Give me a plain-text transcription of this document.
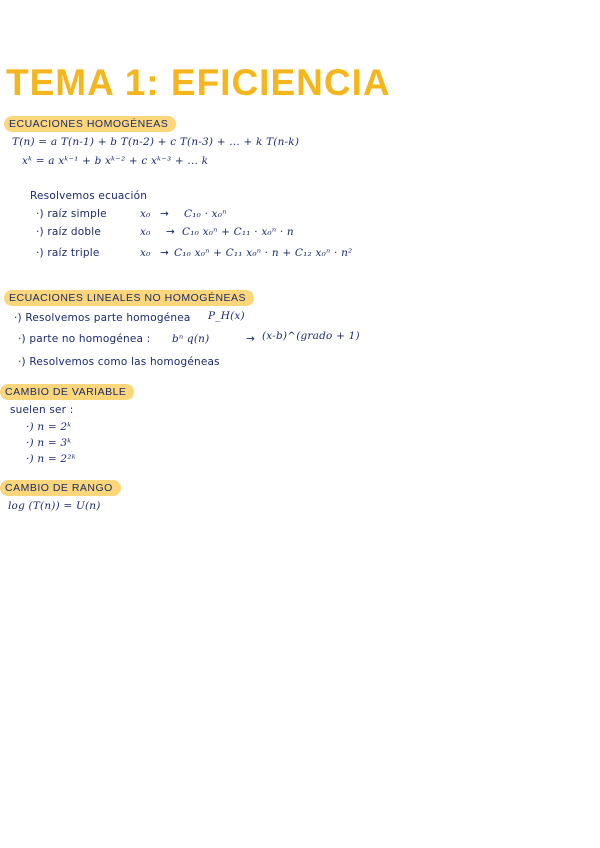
TEMA 1: EFICIENCIA
ECUACIONES HOMOGÉNEAS
T(n) = a T(n-1) + b T(n-2) + c T(n-3) + ... + k T(n-k)
xᵏ = a xᵏ⁻¹ + b xᵏ⁻² + c xᵏ⁻³ + ... k
Resolvemos ecuación
·) raíz simple	x₀ → C₁₀ · x₀ⁿ
·) raíz doble	x₀ → C₁₀ x₀ⁿ + C₁₁ · x₀ⁿ · n
·) raíz triple	x₀ → C₁₀ x₀ⁿ + C₁₁ x₀ⁿ · n + C₁₂ x₀ⁿ · n²
ECUACIONES LINEALES NO HOMOGÉNEAS
·) Resolvemos parte homogénea P_H(x)
·) parte no homogénea : bⁿ q(n)	→ (x-b)^(grado + 1)
·) Resolvemos como las homogéneas
CAMBIO DE VARIABLE
suelen ser :
·) n = 2ᵏ
·) n = 3ᵏ
·) n = 2²ᵏ
CAMBIO DE RANGO
log (T(n)) = U(n)
